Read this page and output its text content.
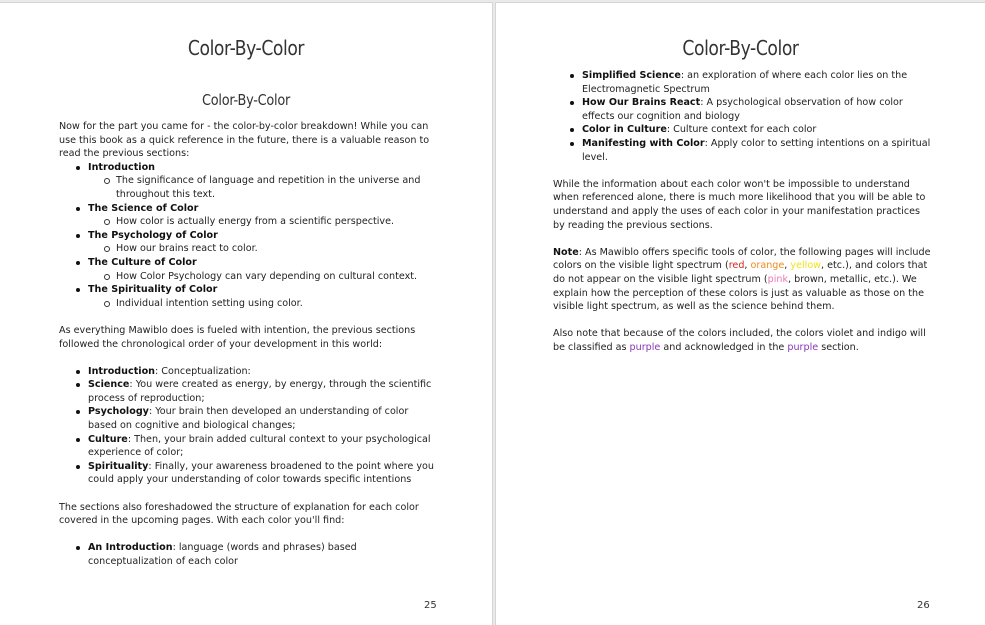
Color-By-Color
Color-By-Color

Now for the part you came for - the color-by-color breakdown! While you can use this book as a quick reference in the future, there is a valuable reason to read the previous sections:

Introduction
The significance of language and repetition in the universe and throughout this text.
The Science of Color
How color is actually energy from a scientific perspective.
The Psychology of Color
How our brains react to color.
The Culture of Color
How Color Psychology can vary depending on cultural context.
The Spirituality of Color
Individual intention setting using color.

As everything Mawiblo does is fueled with intention, the previous sections followed the chronological order of your development in this world:

Introduction: Conceptualization:
Science: You were created as energy, by energy, through the scientific process of reproduction;
Psychology: Your brain then developed an understanding of color based on cognitive and biological changes;
Culture: Then, your brain added cultural context to your psychological experience of color;
Spirituality: Finally, your awareness broadened to the point where you could apply your understanding of color towards specific intentions

The sections also foreshadowed the structure of explanation for each color covered in the upcoming pages. With each color you'll find:

An Introduction: language (words and phrases) based conceptualization of each color
25
Color-By-Color
Simplified Science: an exploration of where each color lies on the Electromagnetic Spectrum
How Our Brains React: A psychological observation of how color effects our cognition and biology
Color in Culture: Culture context for each color
Manifesting with Color: Apply color to setting intentions on a spiritual level.

While the information about each color won't be impossible to understand when referenced alone, there is much more likelihood that you will be able to understand and apply the uses of each color in your manifestation practices by reading the previous sections.

Note: As Mawiblo offers specific tools of color, the following pages will include colors on the visible light spectrum (red, orange, yellow, etc.), and colors that do not appear on the visible light spectrum (pink, brown, metallic, etc.). We explain how the perception of these colors is just as valuable as those on the visible light spectrum, as well as the science behind them.

Also note that because of the colors included, the colors violet and indigo will be classified as purple and acknowledged in the purple section.

26
